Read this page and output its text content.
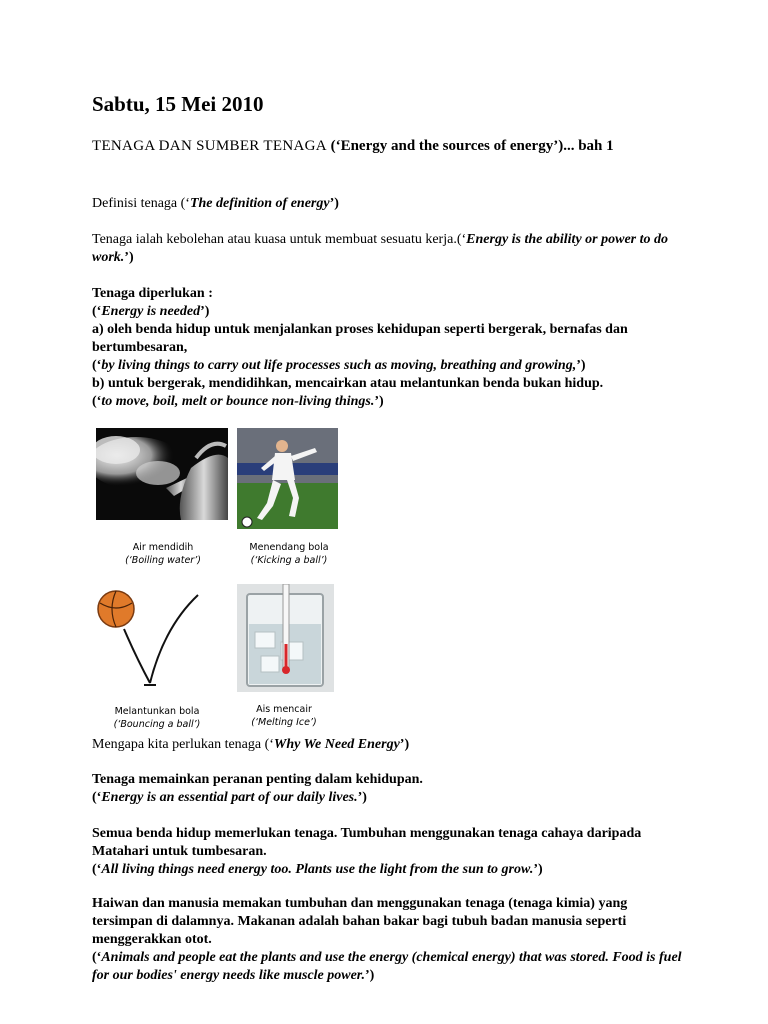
Sabtu, 15 Mei 2010

TENAGA DAN SUMBER TENAGA (‘Energy and the sources of energy’)... bah 1

Definisi tenaga (‘The definition of energy’)

Tenaga ialah kebolehan atau kuasa untuk membuat sesuatu kerja.(‘Energy is the ability or power to do work.’)

Tenaga diperlukan :
(‘Energy is needed’)
a) oleh benda hidup untuk menjalankan proses kehidupan seperti bergerak, bernafas dan bertumbesaran,
(‘by living things to carry out life processes such as moving, breathing and growing,’)
b) untuk bergerak, mendidihkan, mencairkan atau melantunkan benda bukan hidup.
(‘to move, boil, melt or bounce non-living things.’)
Air mendidih
(‘Boiling water’)
Menendang bola
(‘Kicking a ball’)
Melantunkan bola
(‘Bouncing a ball’)
Ais mencair
(‘Melting Ice’)

Mengapa kita perlukan tenaga (‘Why We Need Energy’)

Tenaga memainkan peranan penting dalam kehidupan.
(‘Energy is an essential part of our daily lives.’)
Semua benda hidup memerlukan tenaga. Tumbuhan menggunakan tenaga cahaya daripada Matahari untuk tumbesaran.
(‘All living things need energy too. Plants use the light from the sun to grow.’)
Haiwan dan manusia memakan tumbuhan dan menggunakan tenaga (tenaga kimia) yang tersimpan di dalamnya. Makanan adalah bahan bakar bagi tubuh badan manusia seperti menggerakkan otot.
(‘Animals and people eat the plants and use the energy (chemical energy) that was stored. Food is fuel for our bodies' energy needs like muscle power.’)
